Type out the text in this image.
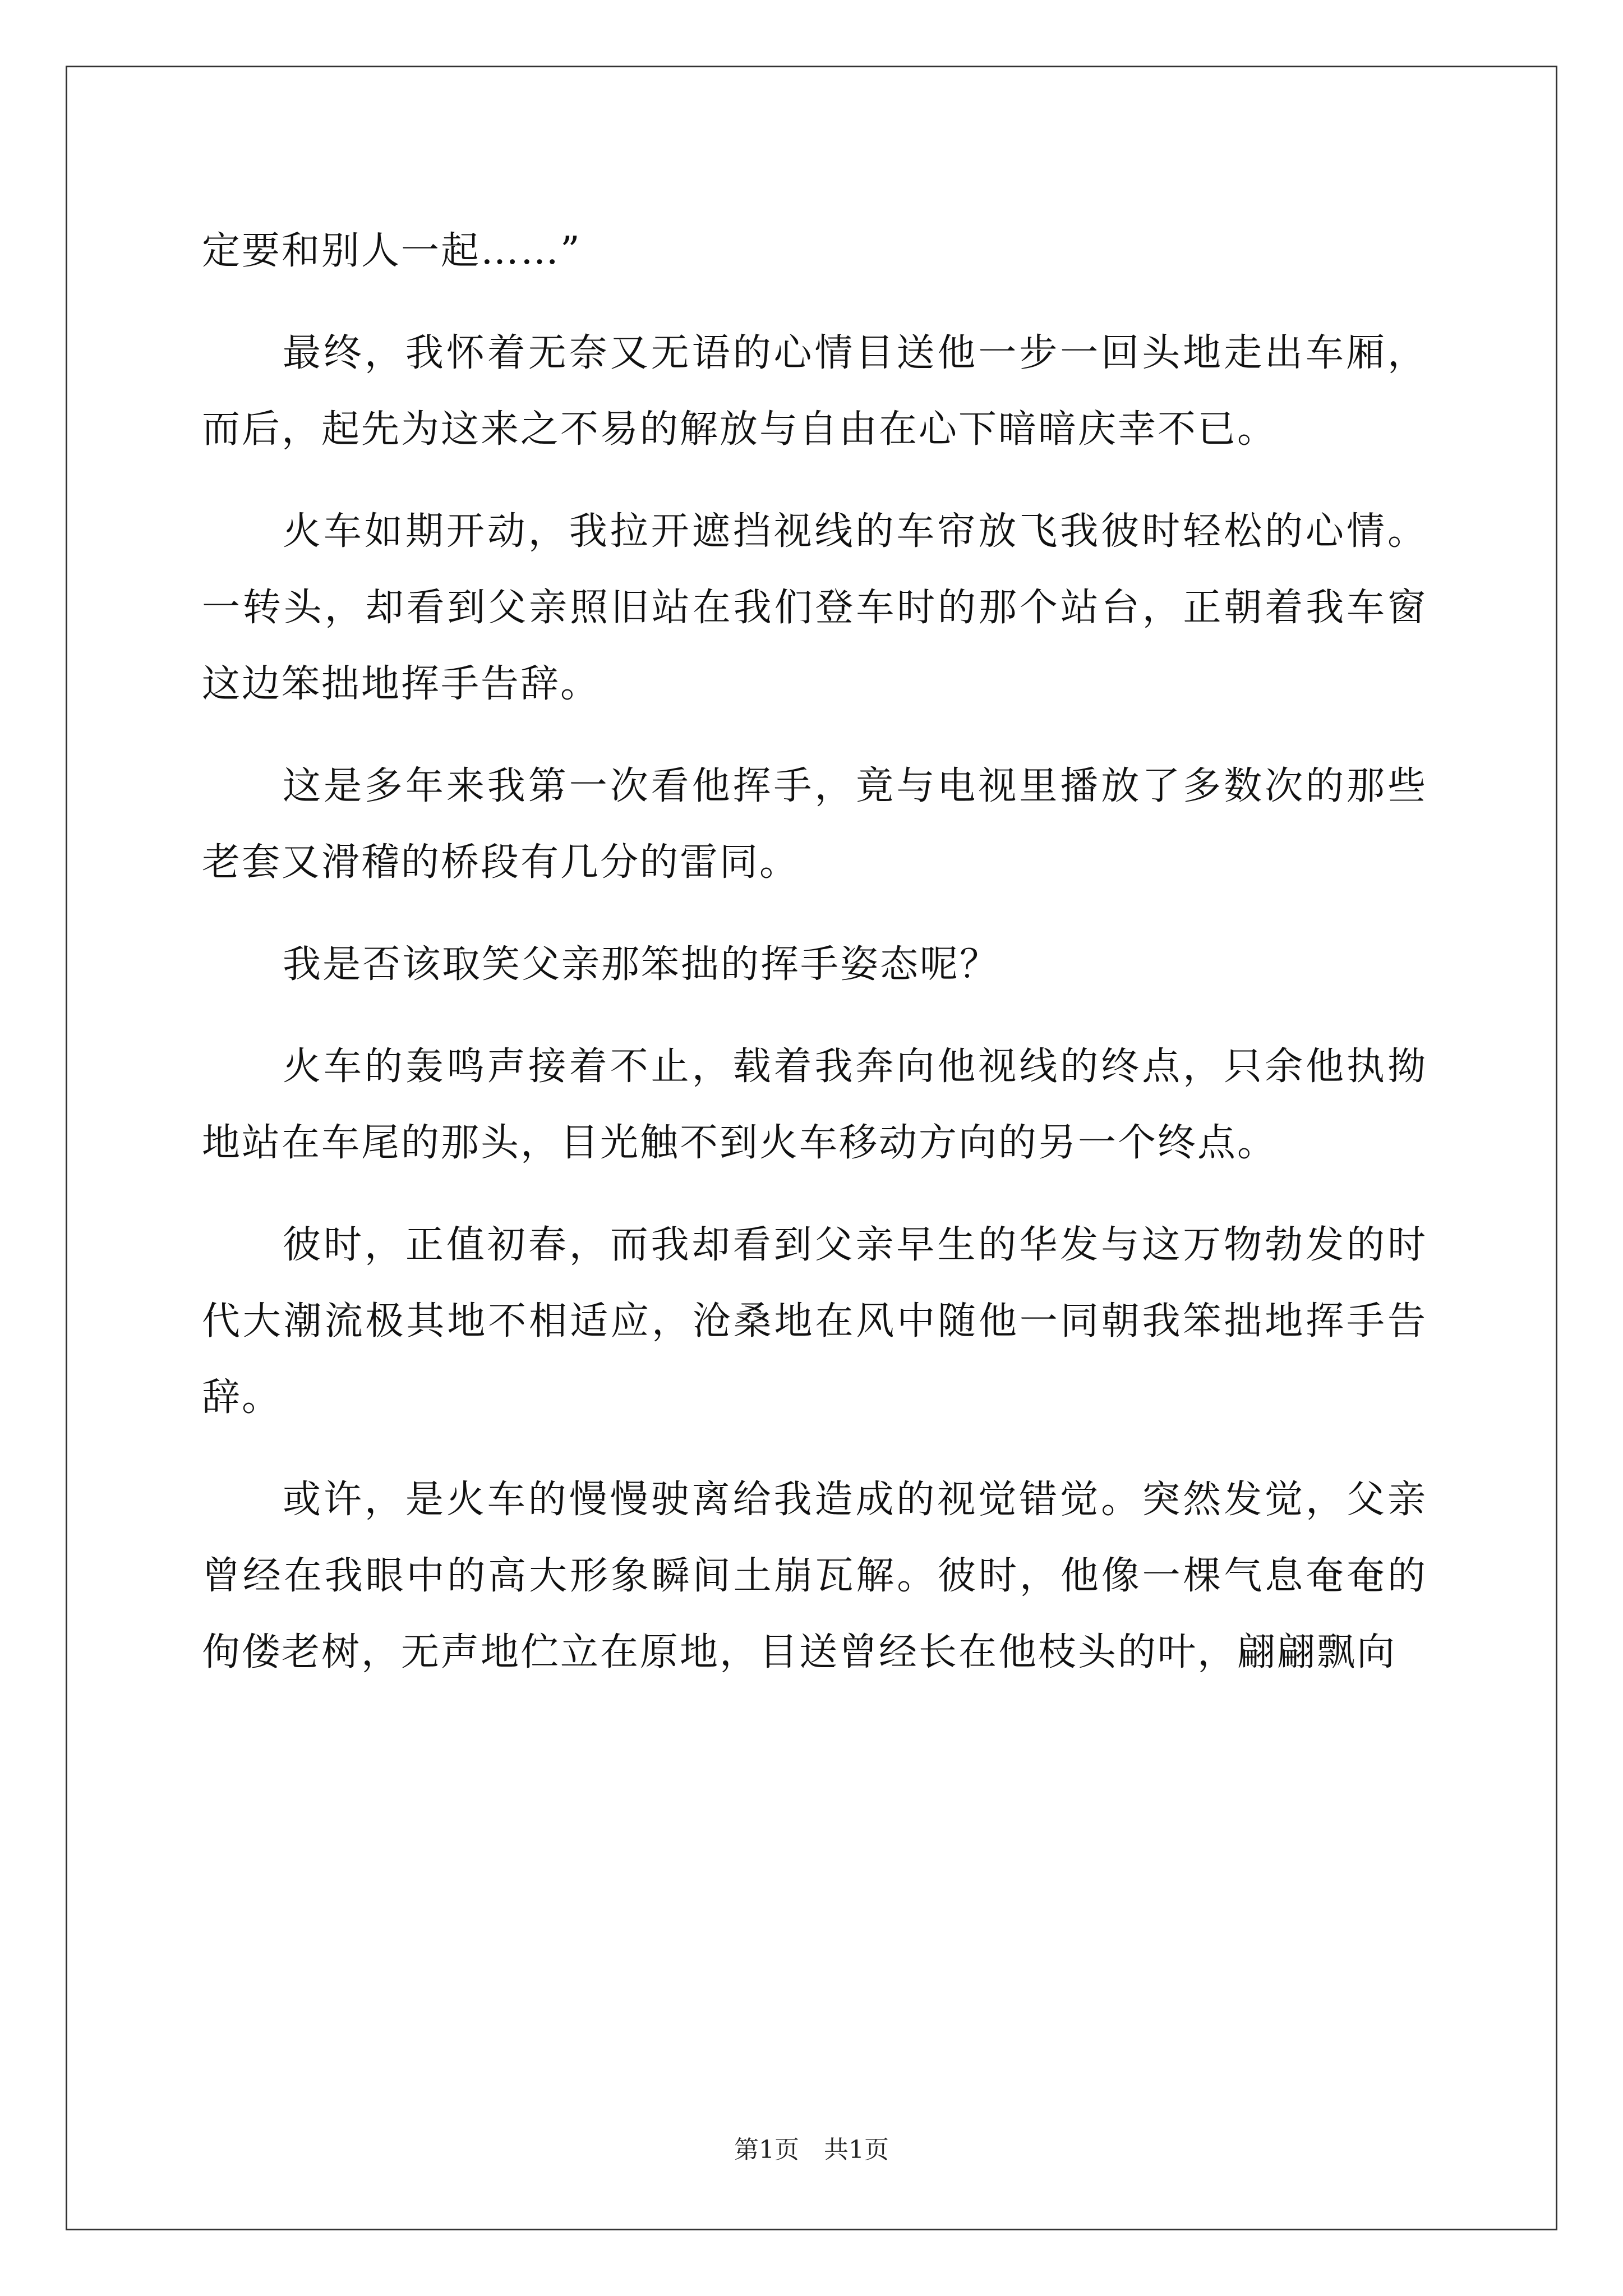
定要和别人一起……”

最终，我怀着无奈又无语的心情目送他一步一回头地走出车厢，而后，起先为这来之不易的解放与自由在心下暗暗庆幸不已。

火车如期开动，我拉开遮挡视线的车帘放飞我彼时轻松的心情。一转头，却看到父亲照旧站在我们登车时的那个站台，正朝着我车窗这边笨拙地挥手告辞。

这是多年来我第一次看他挥手，竟与电视里播放了多数次的那些老套又滑稽的桥段有几分的雷同。

我是否该取笑父亲那笨拙的挥手姿态呢？

火车的轰鸣声接着不止，载着我奔向他视线的终点，只余他执拗地站在车尾的那头，目光触不到火车移动方向的另一个终点。

彼时，正值初春，而我却看到父亲早生的华发与这万物勃发的时代大潮流极其地不相适应，沧桑地在风中随他一同朝我笨拙地挥手告辞。

或许，是火车的慢慢驶离给我造成的视觉错觉。突然发觉，父亲曾经在我眼中的高大形象瞬间土崩瓦解。彼时，他像一棵气息奄奄的佝偻老树，无声地伫立在原地，目送曾经长在他枝头的叶，翩翩飘向

第1页　共1页
